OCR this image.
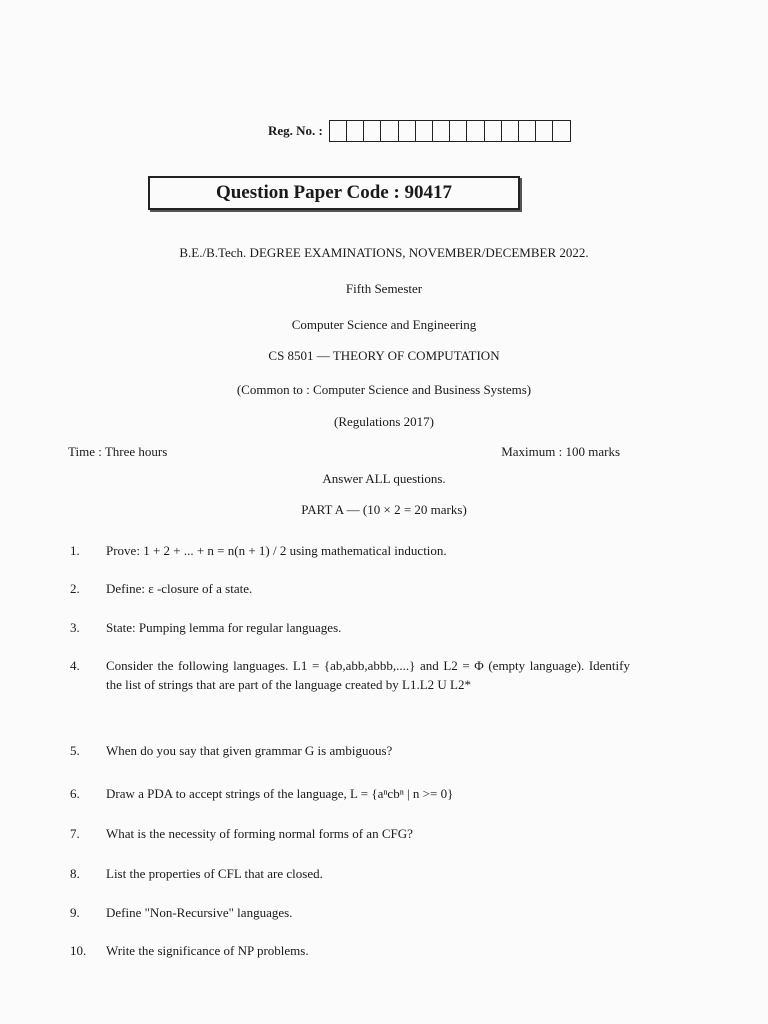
Reg. No. :
Question Paper Code : 90417
B.E./B.Tech. DEGREE EXAMINATIONS, NOVEMBER/DECEMBER 2022.
Fifth Semester
Computer Science and Engineering
CS 8501 — THEORY OF COMPUTATION
(Common to : Computer Science and Business Systems)
(Regulations 2017)
Time : Three hours	Maximum : 100 marks
Answer ALL questions.
PART A — (10 × 2 = 20 marks)
1. Prove: 1 + 2 + ... + n = n(n + 1) / 2 using mathematical induction.
2. Define: ε -closure of a state.
3. State: Pumping lemma for regular languages.
4. Consider the following languages. L1 = {ab,abb,abbb,....} and L2 = Φ (empty language). Identify the list of strings that are part of the language created by L1.L2 U L2*
5. When do you say that given grammar G is ambiguous?
6. Draw a PDA to accept strings of the language, L = {aⁿcbⁿ | n >= 0}
7. What is the necessity of forming normal forms of an CFG?
8. List the properties of CFL that are closed.
9. Define "Non-Recursive" languages.
10. Write the significance of NP problems.
